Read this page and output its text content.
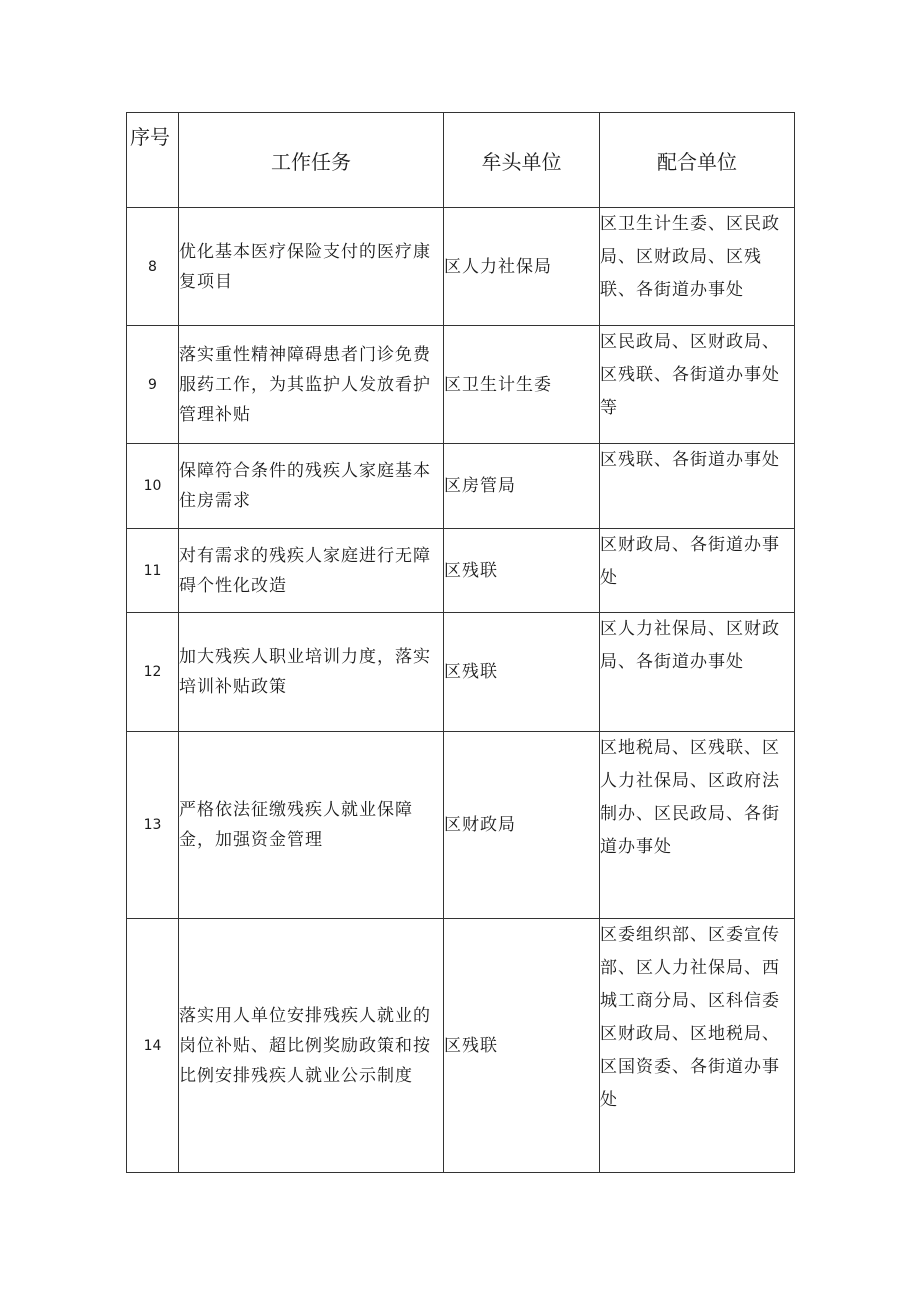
序号	工作任务	牟头单位	配合单位
8	优化基本医疗保险支付的医疗康复项目	区人力社保局	区卫生计生委、区民政局、区财政局、区残联、各街道办事处
9	落实重性精神障碍患者门诊免费服药工作，为其监护人发放看护管理补贴	区卫生计生委	区民政局、区财政局、区残联、各街道办事处等
10	保障符合条件的残疾人家庭基本住房需求	区房管局	区残联、各街道办事处
11	对有需求的残疾人家庭进行无障碍个性化改造	区残联	区财政局、各街道办事处
12	加大残疾人职业培训力度，落实培训补贴政策	区残联	区人力社保局、区财政局、各街道办事处
13	严格依法征缴残疾人就业保障金，加强资金管理	区财政局	区地税局、区残联、区人力社保局、区政府法制办、区民政局、各街道办事处
14	落实用人单位安排残疾人就业的岗位补贴、超比例奖励政策和按比例安排残疾人就业公示制度	区残联	区委组织部、区委宣传部、区人力社保局、西城工商分局、区科信委区财政局、区地税局、区国资委、各街道办事处
